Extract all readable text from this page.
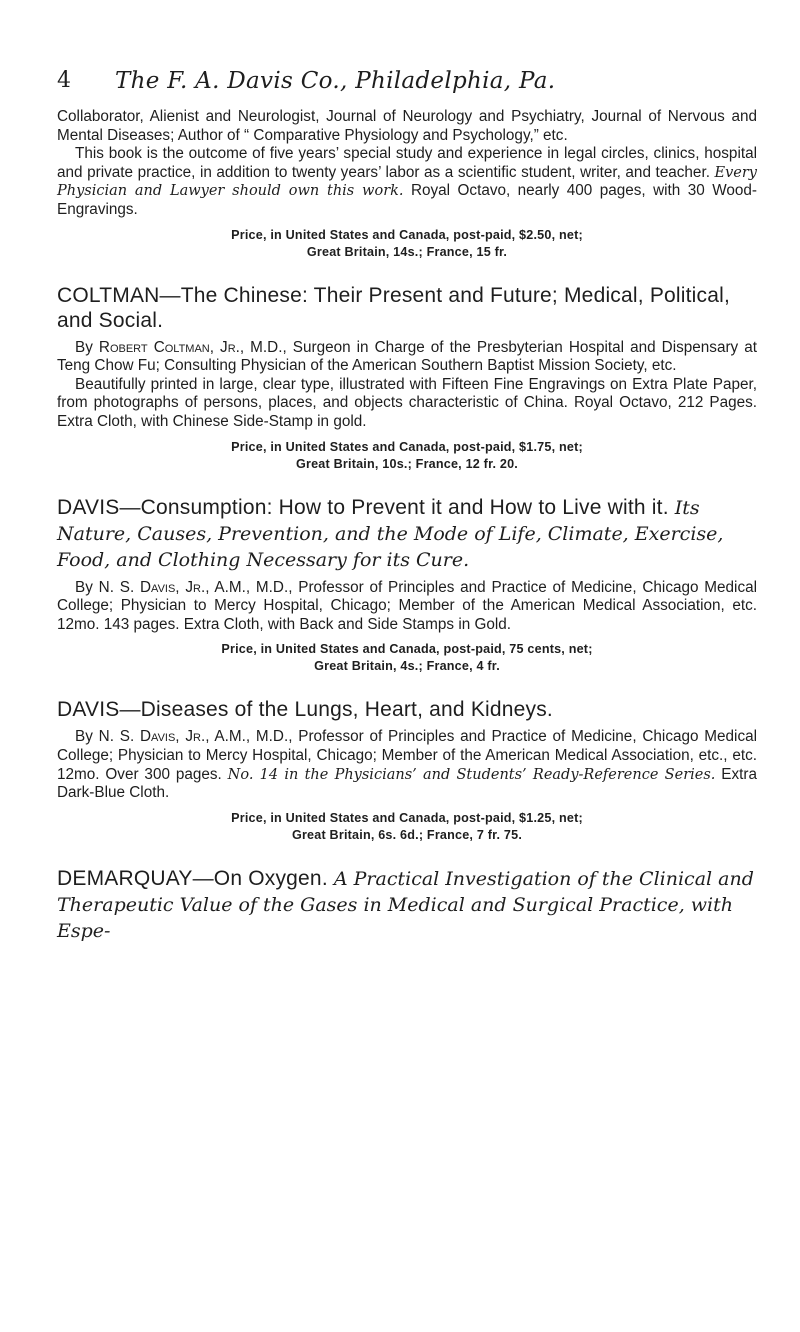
4 The F. A. Davis Co., Philadelphia, Pa.

Collaborator, Alienist and Neurologist, Journal of Neurology and Psychiatry, Journal of Nervous and Mental Diseases; Author of “ Comparative Physiology and Psychology,” etc.

This book is the outcome of five years’ special study and experience in legal circles, clinics, hospital and private practice, in addition to twenty years’ labor as a scientific student, writer, and teacher. Every Physician and Lawyer should own this work. Royal Octavo, nearly 400 pages, with 30 Wood-Engravings.

Price, in United States and Canada, post-paid, $2.50, net;
Great Britain, 14s.; France, 15 fr.
COLTMAN—The Chinese: Their Present and Future; Medical, Political, and Social.

By Robert Coltman, Jr., M.D., Surgeon in Charge of the Presbyterian Hospital and Dispensary at Teng Chow Fu; Consulting Physician of the American Southern Baptist Mission Society, etc.

Beautifully printed in large, clear type, illustrated with Fifteen Fine Engravings on Extra Plate Paper, from photographs of persons, places, and objects characteristic of China. Royal Octavo, 212 Pages. Extra Cloth, with Chinese Side-Stamp in gold.

Price, in United States and Canada, post-paid, $1.75, net;
Great Britain, 10s.; France, 12 fr. 20.
DAVIS—Consumption: How to Prevent it and How to Live with it. Its Nature, Causes, Prevention, and the Mode of Life, Climate, Exercise, Food, and Clothing Necessary for its Cure.

By N. S. Davis, Jr., A.M., M.D., Professor of Principles and Practice of Medicine, Chicago Medical College; Physician to Mercy Hospital, Chicago; Member of the American Medical Association, etc. 12mo. 143 pages. Extra Cloth, with Back and Side Stamps in Gold.

Price, in United States and Canada, post-paid, 75 cents, net;
Great Britain, 4s.; France, 4 fr.
DAVIS—Diseases of the Lungs, Heart, and Kidneys.

By N. S. Davis, Jr., A.M., M.D., Professor of Principles and Practice of Medicine, Chicago Medical College; Physician to Mercy Hospital, Chicago; Member of the American Medical Association, etc., etc. 12mo. Over 300 pages. No. 14 in the Physicians’ and Students’ Ready-Reference Series. Extra Dark-Blue Cloth.

Price, in United States and Canada, post-paid, $1.25, net;
Great Britain, 6s. 6d.; France, 7 fr. 75.
DEMARQUAY—On Oxygen. A Practical Investigation of the Clinical and Therapeutic Value of the Gases in Medical and Surgical Practice, with Espe-
